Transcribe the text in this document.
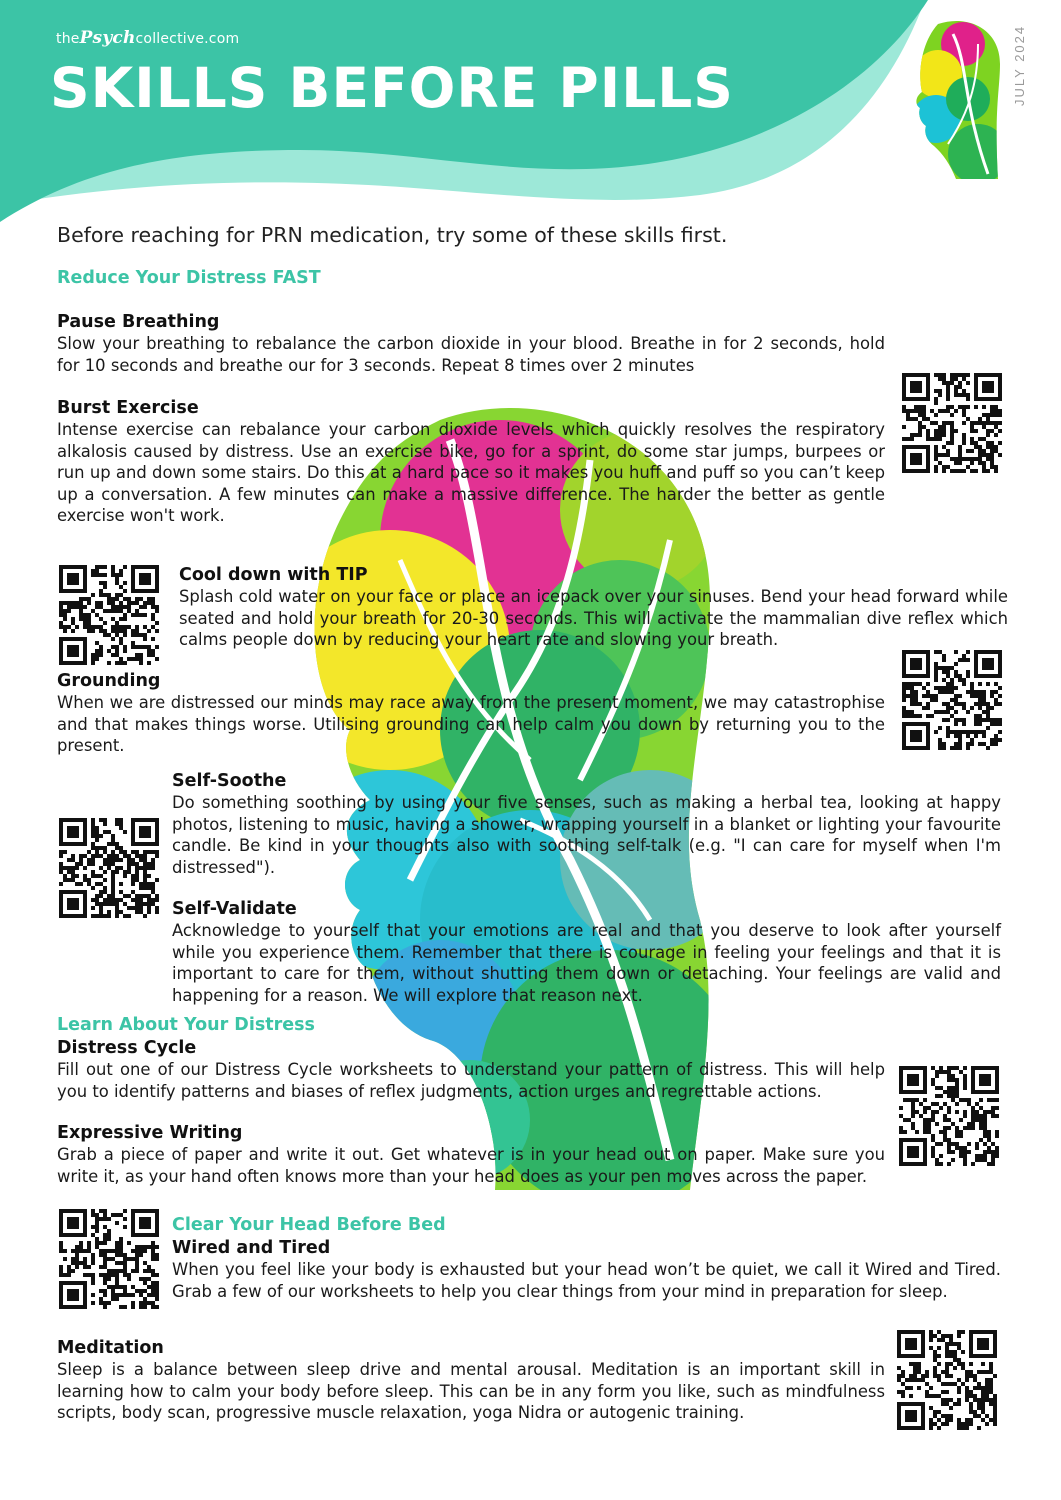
thePsychcollective.com
SKILLS BEFORE PILLS	JULY 2024
Before reaching for PRN medication, try some of these skills first.
Reduce Your Distress FAST
Pause Breathing

Slow your breathing to rebalance the carbon dioxide in your blood. Breathe in for 2 seconds, hold for 10 seconds and breathe our for 3 seconds. Repeat 8 times over 2 minutes

Burst Exercise

Intense exercise can rebalance your carbon dioxide levels which quickly resolves the respiratory alkalosis caused by distress. Use an exercise bike, go for a sprint, do some star jumps, burpees or run up and down some stairs. Do this at a hard pace so it makes you huff and puff so you can’t keep up a conversation. A few minutes can make a massive difference. The harder the better as gentle exercise won't work.

Cool down with TIP

Splash cold water on your face or place an icepack over your sinuses. Bend your head forward while seated and hold your breath for 20-30 seconds. This will activate the mammalian dive reflex which calms people down by reducing your heart rate and slowing your breath.

Grounding

When we are distressed our minds may race away from the present moment, we may catastrophise and that makes things worse. Utilising grounding can help calm you down by returning you to the present.

Self-Soothe

Do something soothing by using your five senses, such as making a herbal tea, looking at happy photos, listening to music, having a shower, wrapping yourself in a blanket or lighting your favourite candle. Be kind in your thoughts also with soothing self-talk (e.g. "I can care for myself when I'm distressed").

Self-Validate

Acknowledge to yourself that your emotions are real and that you deserve to look after yourself while you experience them. Remember that there is courage in feeling your feelings and that it is important to care for them, without shutting them down or detaching. Your feelings are valid and happening for a reason. We will explore that reason next.

Learn About Your Distress
Distress Cycle

Fill out one of our Distress Cycle worksheets to understand your pattern of distress. This will help you to identify patterns and biases of reflex judgments, action urges and regrettable actions.

Expressive Writing

Grab a piece of paper and write it out. Get whatever is in your head out on paper. Make sure you write it, as your hand often knows more than your head does as your pen moves across the paper.

Clear Your Head Before Bed
Wired and Tired

When you feel like your body is exhausted but your head won’t be quiet, we call it Wired and Tired. Grab a few of our worksheets to help you clear things from your mind in preparation for sleep.

Meditation

Sleep is a balance between sleep drive and mental arousal. Meditation is an important skill in learning how to calm your body before sleep. This can be in any form you like, such as mindfulness scripts, body scan, progressive muscle relaxation, yoga Nidra or autogenic training.
